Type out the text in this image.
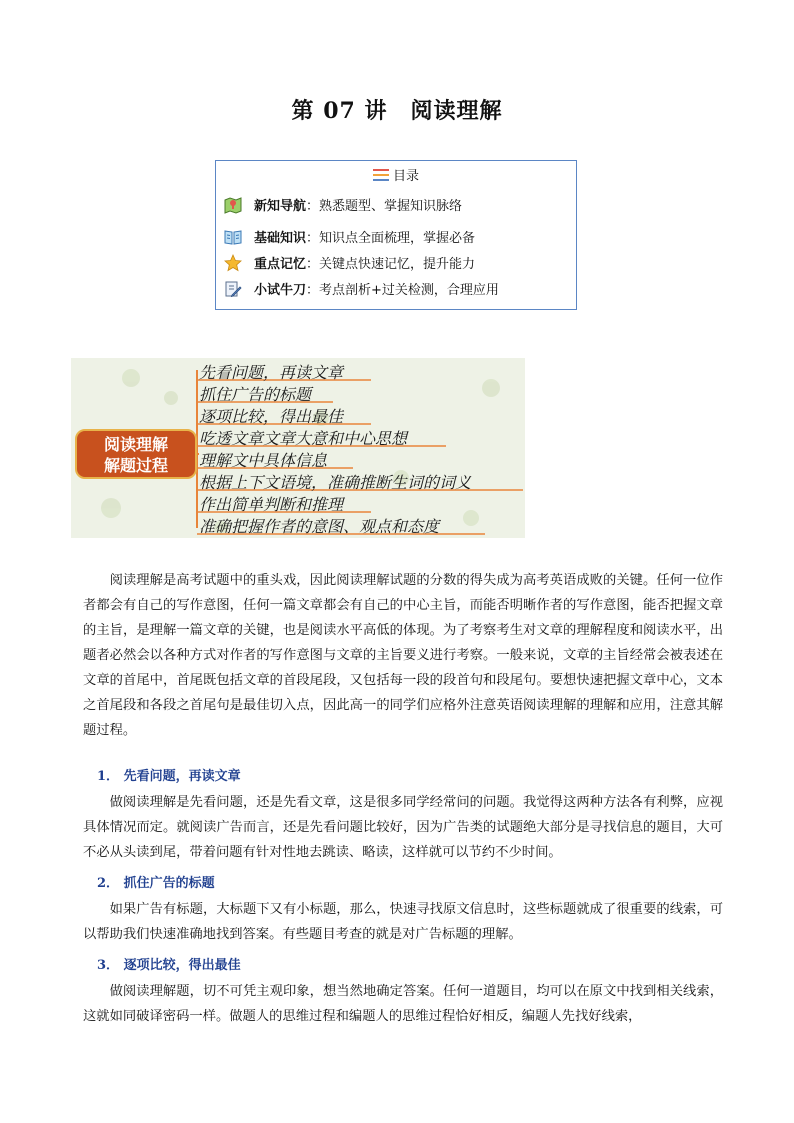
第 07 讲　阅读理解
目录
新知导航 ：熟悉题型、掌握知识脉络
基础知识 ：知识点全面梳理，掌握必备
重点记忆 ：关键点快速记忆，提升能力
小试牛刀 ：考点剖析+过关检测，合理应用
阅读理解
解题过程
先看问题，再读文章
抓住广告的标题
逐项比较，得出最佳
吃透文章文章大意和中心思想
理解文中具体信息
根据上下文语境，准确推断生词的词义
作出简单判断和推理
准确把握作者的意图、观点和态度
阅读理解是高考试题中的重头戏，因此阅读理解试题的分数的得失成为高考英语成败的关键。任何一位作者都会有自己的写作意图，任何一篇文章都会有自己的中心主旨，而能否明晰作者的写作意图，能否把握文章的主旨，是理解一篇文章的关键，也是阅读水平高低的体现。为了考察考生对文章的理解程度和阅读水平，出题者必然会以各种方式对作者的写作意图与文章的主旨要义进行考察。一般来说，文章的主旨经常会被表述在文章的首尾中，首尾既包括文章的首段尾段，又包括每一段的段首句和段尾句。要想快速把握文章中心，文本之首尾段和各段之首尾句是最佳切入点，因此高一的同学们应格外注意英语阅读理解的理解和应用，注意其解题过程。
1． 先看问题，再读文章
做阅读理解是先看问题，还是先看文章，这是很多同学经常问的问题。我觉得这两种方法各有利弊，应视具体情况而定。就阅读广告而言，还是先看问题比较好，因为广告类的试题绝大部分是寻找信息的题目，大可不必从头读到尾，带着问题有针对性地去跳读、略读，这样就可以节约不少时间。
2． 抓住广告的标题
如果广告有标题，大标题下又有小标题，那么，快速寻找原文信息时，这些标题就成了很重要的线索，可以帮助我们快速准确地找到答案。有些题目考查的就是对广告标题的理解。
3． 逐项比较，得出最佳
做阅读理解题，切不可凭主观印象，想当然地确定答案。任何一道题目，均可以在原文中找到相关线索，这就如同破译密码一样。做题人的思维过程和编题人的思维过程恰好相反，编题人先找好线索，
